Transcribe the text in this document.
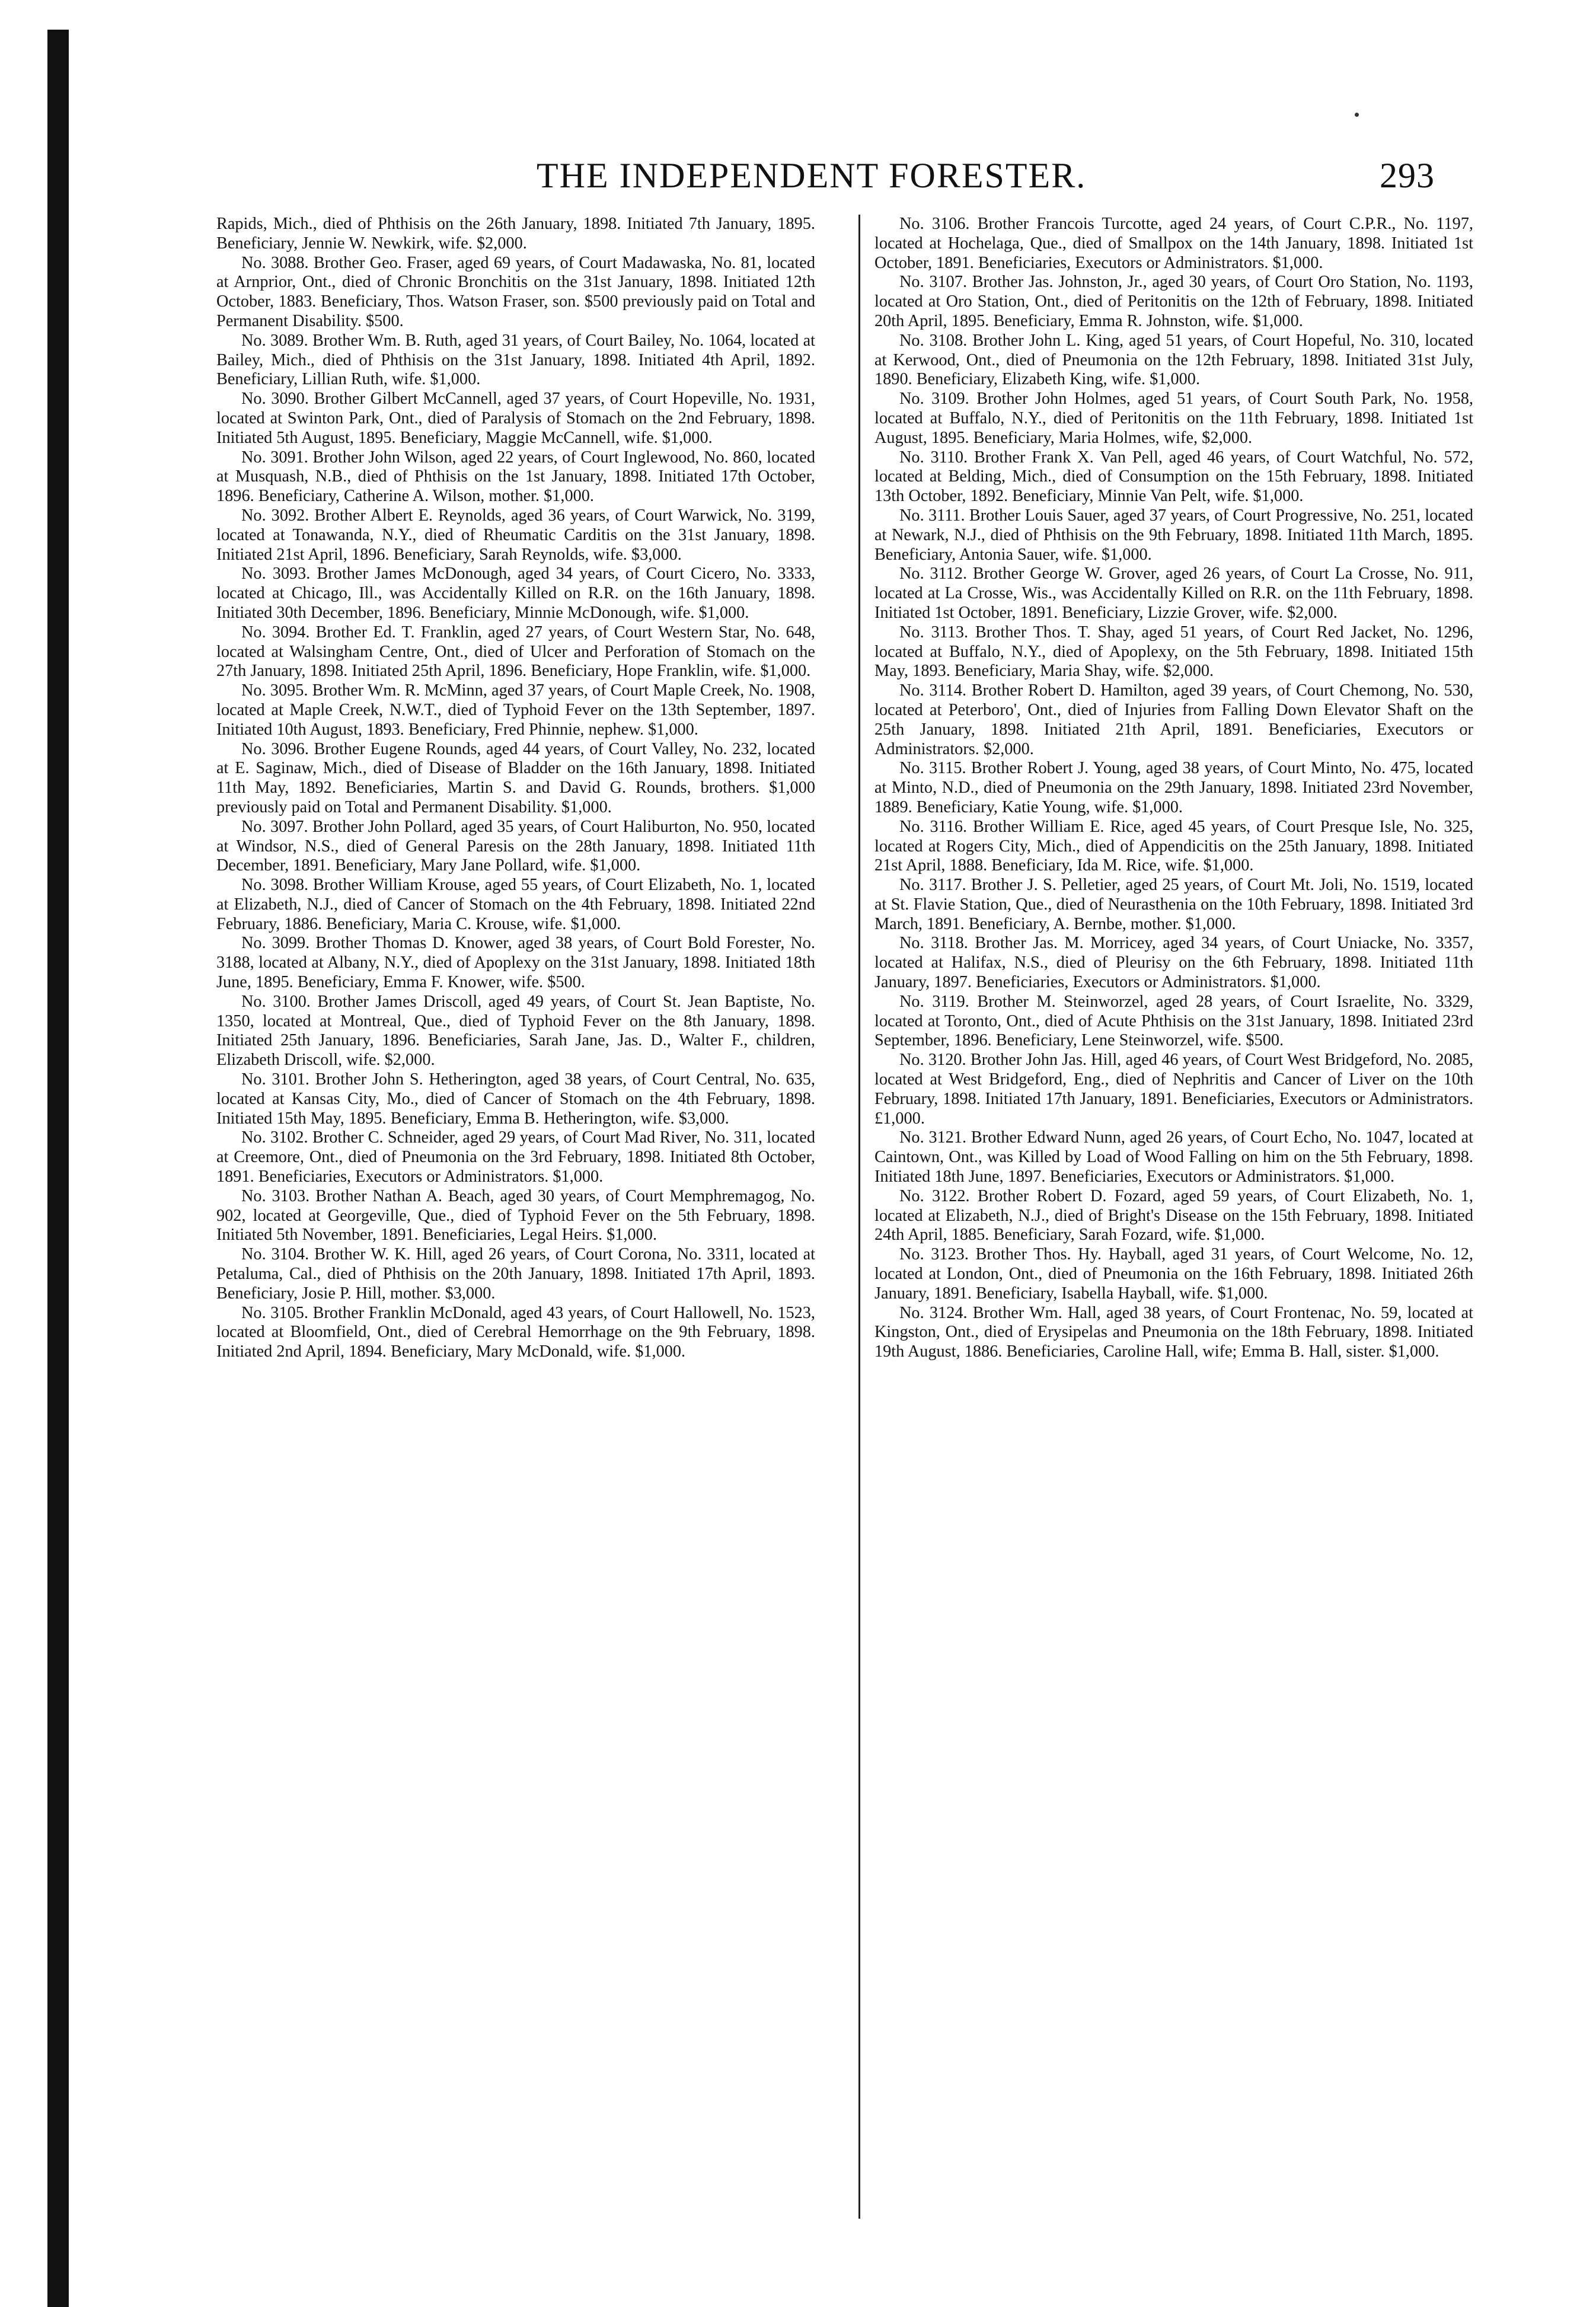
THE INDEPENDENT FORESTER.	293

Rapids, Mich., died of Phthisis on the 26th January, 1898. Initiated 7th January, 1895. Beneficiary, Jennie W. Newkirk, wife. $2,000.

No. 3088. Brother Geo. Fraser, aged 69 years, of Court Madawaska, No. 81, located at Arnprior, Ont., died of Chronic Bronchitis on the 31st January, 1898. Initiated 12th October, 1883. Beneficiary, Thos. Watson Fraser, son. $500 previously paid on Total and Permanent Disability. $500.

No. 3089. Brother Wm. B. Ruth, aged 31 years, of Court Bailey, No. 1064, located at Bailey, Mich., died of Phthisis on the 31st January, 1898. Initiated 4th April, 1892. Beneficiary, Lillian Ruth, wife. $1,000.

No. 3090. Brother Gilbert McCannell, aged 37 years, of Court Hopeville, No. 1931, located at Swinton Park, Ont., died of Paralysis of Stomach on the 2nd February, 1898. Initiated 5th August, 1895. Beneficiary, Maggie McCannell, wife. $1,000.

No. 3091. Brother John Wilson, aged 22 years, of Court Inglewood, No. 860, located at Musquash, N.B., died of Phthisis on the 1st January, 1898. Initiated 17th October, 1896. Beneficiary, Catherine A. Wilson, mother. $1,000.

No. 3092. Brother Albert E. Reynolds, aged 36 years, of Court Warwick, No. 3199, located at Tonawanda, N.Y., died of Rheumatic Carditis on the 31st January, 1898. Initiated 21st April, 1896. Beneficiary, Sarah Reynolds, wife. $3,000.

No. 3093. Brother James McDonough, aged 34 years, of Court Cicero, No. 3333, located at Chicago, Ill., was Accidentally Killed on R.R. on the 16th January, 1898. Initiated 30th December, 1896. Beneficiary, Minnie McDonough, wife. $1,000.

No. 3094. Brother Ed. T. Franklin, aged 27 years, of Court Western Star, No. 648, located at Walsingham Centre, Ont., died of Ulcer and Perforation of Stomach on the 27th January, 1898. Initiated 25th April, 1896. Beneficiary, Hope Franklin, wife. $1,000.

No. 3095. Brother Wm. R. McMinn, aged 37 years, of Court Maple Creek, No. 1908, located at Maple Creek, N.W.T., died of Typhoid Fever on the 13th September, 1897. Initiated 10th August, 1893. Beneficiary, Fred Phinnie, nephew. $1,000.

No. 3096. Brother Eugene Rounds, aged 44 years, of Court Valley, No. 232, located at E. Saginaw, Mich., died of Disease of Bladder on the 16th January, 1898. Initiated 11th May, 1892. Beneficiaries, Martin S. and David G. Rounds, brothers. $1,000 previously paid on Total and Permanent Disability. $1,000.

No. 3097. Brother John Pollard, aged 35 years, of Court Haliburton, No. 950, located at Windsor, N.S., died of General Paresis on the 28th January, 1898. Initiated 11th December, 1891. Beneficiary, Mary Jane Pollard, wife. $1,000.

No. 3098. Brother William Krouse, aged 55 years, of Court Elizabeth, No. 1, located at Elizabeth, N.J., died of Cancer of Stomach on the 4th February, 1898. Initiated 22nd February, 1886. Beneficiary, Maria C. Krouse, wife. $1,000.

No. 3099. Brother Thomas D. Knower, aged 38 years, of Court Bold Forester, No. 3188, located at Albany, N.Y., died of Apoplexy on the 31st January, 1898. Initiated 18th June, 1895. Beneficiary, Emma F. Knower, wife. $500.

No. 3100. Brother James Driscoll, aged 49 years, of Court St. Jean Baptiste, No. 1350, located at Montreal, Que., died of Typhoid Fever on the 8th January, 1898. Initiated 25th January, 1896. Beneficiaries, Sarah Jane, Jas. D., Walter F., children, Elizabeth Driscoll, wife. $2,000.

No. 3101. Brother John S. Hetherington, aged 38 years, of Court Central, No. 635, located at Kansas City, Mo., died of Cancer of Stomach on the 4th February, 1898. Initiated 15th May, 1895. Beneficiary, Emma B. Hetherington, wife. $3,000.

No. 3102. Brother C. Schneider, aged 29 years, of Court Mad River, No. 311, located at Creemore, Ont., died of Pneumonia on the 3rd February, 1898. Initiated 8th October, 1891. Beneficiaries, Executors or Administrators. $1,000.

No. 3103. Brother Nathan A. Beach, aged 30 years, of Court Memphremagog, No. 902, located at Georgeville, Que., died of Typhoid Fever on the 5th February, 1898. Initiated 5th November, 1891. Beneficiaries, Legal Heirs. $1,000.

No. 3104. Brother W. K. Hill, aged 26 years, of Court Corona, No. 3311, located at Petaluma, Cal., died of Phthisis on the 20th January, 1898. Initiated 17th April, 1893. Beneficiary, Josie P. Hill, mother. $3,000.

No. 3105. Brother Franklin McDonald, aged 43 years, of Court Hallowell, No. 1523, located at Bloomfield, Ont., died of Cerebral Hemorrhage on the 9th February, 1898. Initiated 2nd April, 1894. Beneficiary, Mary McDonald, wife. $1,000.

No. 3106. Brother Francois Turcotte, aged 24 years, of Court C.P.R., No. 1197, located at Hochelaga, Que., died of Smallpox on the 14th January, 1898. Initiated 1st October, 1891. Beneficiaries, Executors or Administrators. $1,000.

No. 3107. Brother Jas. Johnston, Jr., aged 30 years, of Court Oro Station, No. 1193, located at Oro Station, Ont., died of Peritonitis on the 12th of February, 1898. Initiated 20th April, 1895. Beneficiary, Emma R. Johnston, wife. $1,000.

No. 3108. Brother John L. King, aged 51 years, of Court Hopeful, No. 310, located at Kerwood, Ont., died of Pneumonia on the 12th February, 1898. Initiated 31st July, 1890. Beneficiary, Elizabeth King, wife. $1,000.

No. 3109. Brother John Holmes, aged 51 years, of Court South Park, No. 1958, located at Buffalo, N.Y., died of Peritonitis on the 11th February, 1898. Initiated 1st August, 1895. Beneficiary, Maria Holmes, wife, $2,000.

No. 3110. Brother Frank X. Van Pell, aged 46 years, of Court Watchful, No. 572, located at Belding, Mich., died of Consumption on the 15th February, 1898. Initiated 13th October, 1892. Beneficiary, Minnie Van Pelt, wife. $1,000.

No. 3111. Brother Louis Sauer, aged 37 years, of Court Progressive, No. 251, located at Newark, N.J., died of Phthisis on the 9th February, 1898. Initiated 11th March, 1895. Beneficiary, Antonia Sauer, wife. $1,000.

No. 3112. Brother George W. Grover, aged 26 years, of Court La Crosse, No. 911, located at La Crosse, Wis., was Accidentally Killed on R.R. on the 11th February, 1898. Initiated 1st October, 1891. Beneficiary, Lizzie Grover, wife. $2,000.

No. 3113. Brother Thos. T. Shay, aged 51 years, of Court Red Jacket, No. 1296, located at Buffalo, N.Y., died of Apoplexy, on the 5th February, 1898. Initiated 15th May, 1893. Beneficiary, Maria Shay, wife. $2,000.

No. 3114. Brother Robert D. Hamilton, aged 39 years, of Court Chemong, No. 530, located at Peterboro', Ont., died of Injuries from Falling Down Elevator Shaft on the 25th January, 1898. Initiated 21th April, 1891. Beneficiaries, Executors or Administrators. $2,000.

No. 3115. Brother Robert J. Young, aged 38 years, of Court Minto, No. 475, located at Minto, N.D., died of Pneumonia on the 29th January, 1898. Initiated 23rd November, 1889. Beneficiary, Katie Young, wife. $1,000.

No. 3116. Brother William E. Rice, aged 45 years, of Court Presque Isle, No. 325, located at Rogers City, Mich., died of Appendicitis on the 25th January, 1898. Initiated 21st April, 1888. Beneficiary, Ida M. Rice, wife. $1,000.

No. 3117. Brother J. S. Pelletier, aged 25 years, of Court Mt. Joli, No. 1519, located at St. Flavie Station, Que., died of Neurasthenia on the 10th February, 1898. Initiated 3rd March, 1891. Beneficiary, A. Bernbe, mother. $1,000.

No. 3118. Brother Jas. M. Morricey, aged 34 years, of Court Uniacke, No. 3357, located at Halifax, N.S., died of Pleurisy on the 6th February, 1898. Initiated 11th January, 1897. Beneficiaries, Executors or Administrators. $1,000.

No. 3119. Brother M. Steinworzel, aged 28 years, of Court Israelite, No. 3329, located at Toronto, Ont., died of Acute Phthisis on the 31st January, 1898. Initiated 23rd September, 1896. Beneficiary, Lene Steinworzel, wife. $500.

No. 3120. Brother John Jas. Hill, aged 46 years, of Court West Bridgeford, No. 2085, located at West Bridgeford, Eng., died of Nephritis and Cancer of Liver on the 10th February, 1898. Initiated 17th January, 1891. Beneficiaries, Executors or Administrators. £1,000.

No. 3121. Brother Edward Nunn, aged 26 years, of Court Echo, No. 1047, located at Caintown, Ont., was Killed by Load of Wood Falling on him on the 5th February, 1898. Initiated 18th June, 1897. Beneficiaries, Executors or Administrators. $1,000.

No. 3122. Brother Robert D. Fozard, aged 59 years, of Court Elizabeth, No. 1, located at Elizabeth, N.J., died of Bright's Disease on the 15th February, 1898. Initiated 24th April, 1885. Beneficiary, Sarah Fozard, wife. $1,000.

No. 3123. Brother Thos. Hy. Hayball, aged 31 years, of Court Welcome, No. 12, located at London, Ont., died of Pneumonia on the 16th February, 1898. Initiated 26th January, 1891. Beneficiary, Isabella Hayball, wife. $1,000.

No. 3124. Brother Wm. Hall, aged 38 years, of Court Frontenac, No. 59, located at Kingston, Ont., died of Erysipelas and Pneumonia on the 18th February, 1898. Initiated 19th August, 1886. Beneficiaries, Caroline Hall, wife; Emma B. Hall, sister. $1,000.
